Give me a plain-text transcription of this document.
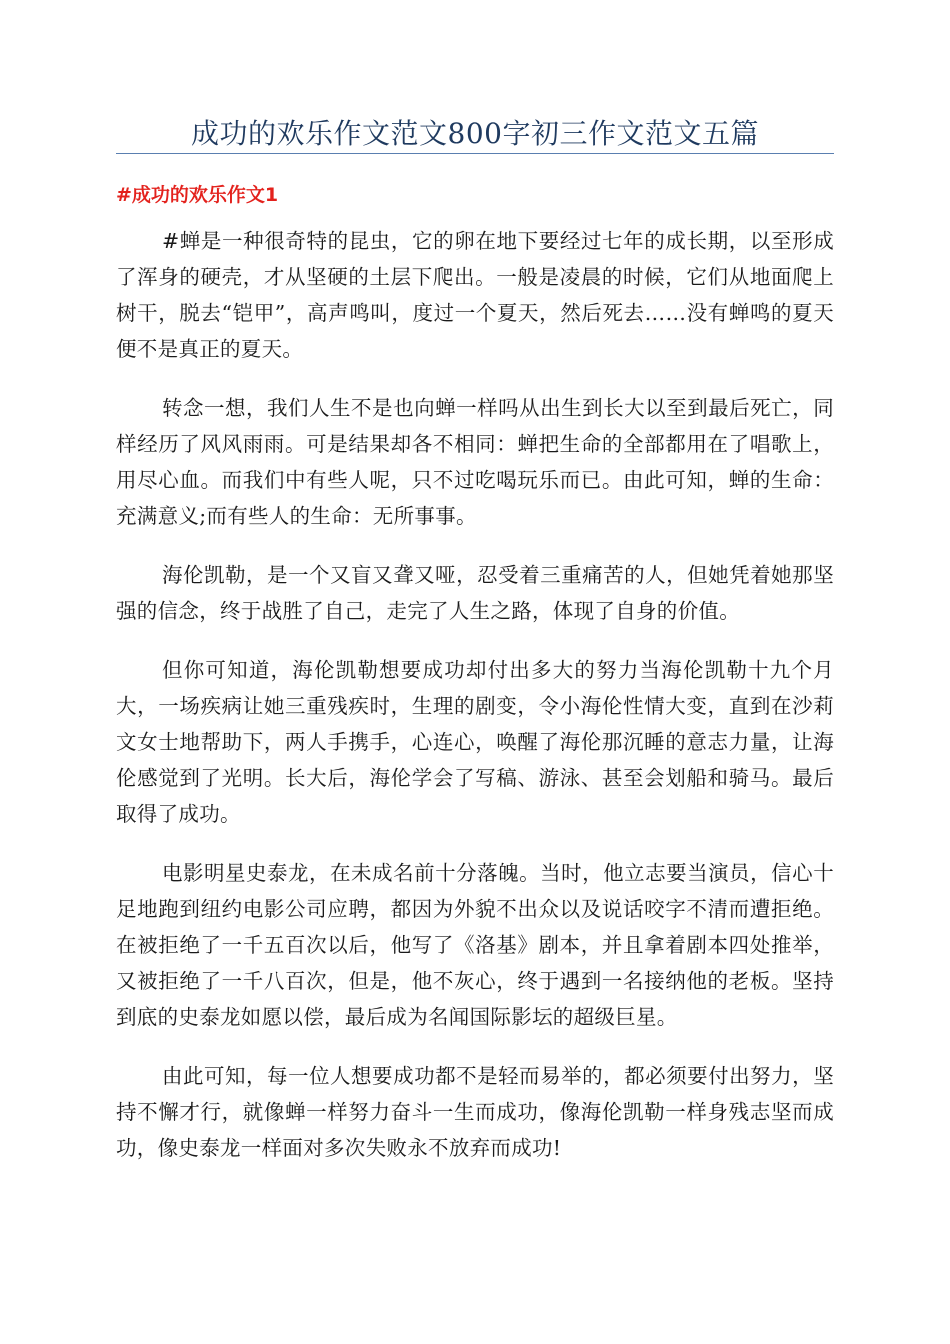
成功的欢乐作文范文800字初三作文范文五篇
#成功的欢乐作文1

#蝉是一种很奇特的昆虫，它的卵在地下要经过七年的成长期，以至形成了浑身的硬壳，才从坚硬的土层下爬出。一般是凌晨的时候，它们从地面爬上树干，脱去“铠甲”，高声鸣叫，度过一个夏天，然后死去……没有蝉鸣的夏天便不是真正的夏天。

转念一想，我们人生不是也向蝉一样吗从出生到长大以至到最后死亡，同样经历了风风雨雨。可是结果却各不相同：蝉把生命的全部都用在了唱歌上，用尽心血。而我们中有些人呢，只不过吃喝玩乐而已。由此可知，蝉的生命：充满意义;而有些人的生命：无所事事。

海伦凯勒，是一个又盲又聋又哑，忍受着三重痛苦的人，但她凭着她那坚强的信念，终于战胜了自己，走完了人生之路，体现了自身的价值。

但你可知道，海伦凯勒想要成功却付出多大的努力当海伦凯勒十九个月大，一场疾病让她三重残疾时，生理的剧变，令小海伦性情大变，直到在沙莉文女士地帮助下，两人手携手，心连心，唤醒了海伦那沉睡的意志力量，让海伦感觉到了光明。长大后，海伦学会了写稿、游泳、甚至会划船和骑马。最后取得了成功。

电影明星史泰龙，在未成名前十分落魄。当时，他立志要当演员，信心十足地跑到纽约电影公司应聘，都因为外貌不出众以及说话咬字不清而遭拒绝。在被拒绝了一千五百次以后，他写了《洛基》剧本，并且拿着剧本四处推举，又被拒绝了一千八百次，但是，他不灰心，终于遇到一名接纳他的老板。坚持到底的史泰龙如愿以偿，最后成为名闻国际影坛的超级巨星。

由此可知，每一位人想要成功都不是轻而易举的，都必须要付出努力，坚持不懈才行，就像蝉一样努力奋斗一生而成功，像海伦凯勒一样身残志坚而成功，像史泰龙一样面对多次失败永不放弃而成功!
